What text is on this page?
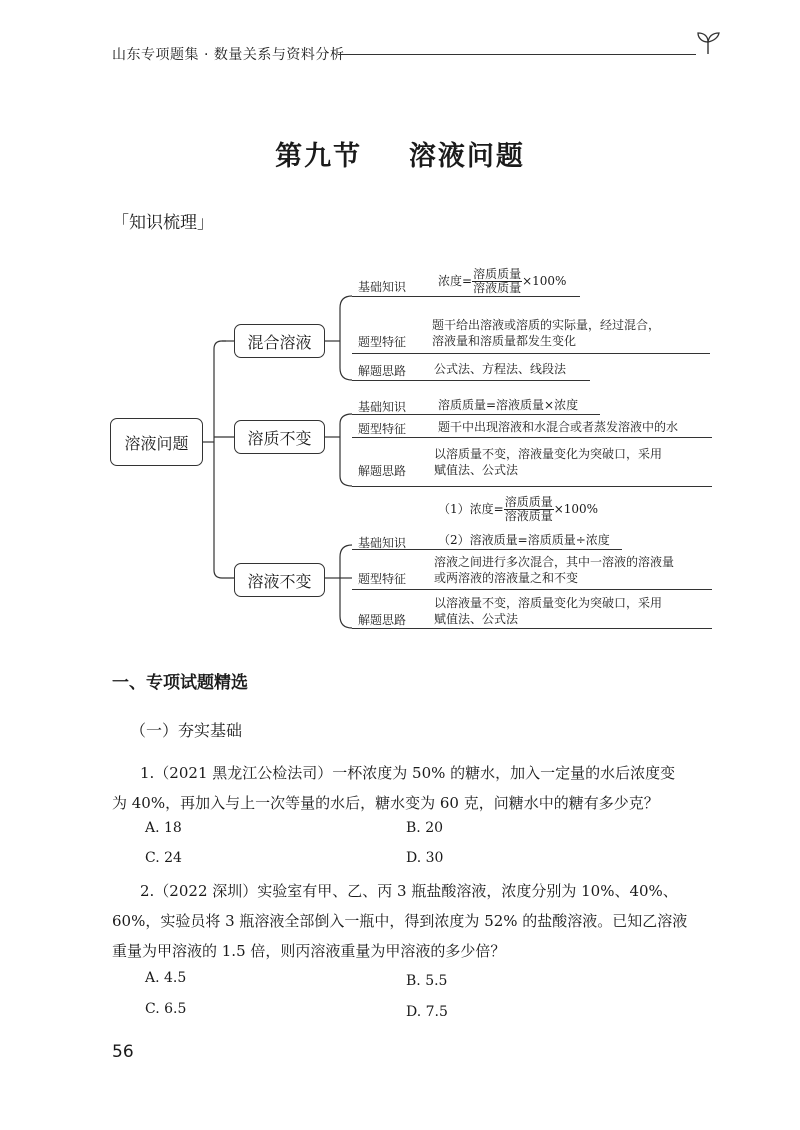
山东专项题集 · 数量关系与资料分析
第九节 溶液问题
「知识梳理」
溶液问题
混合溶液
基础知识	浓度= $\frac{\text{溶质质量}}{\text{溶液质量}} \times 100\%$
题型特征
题干给出溶液或溶质的实际量，经过混合，
溶液量和溶质量都发生变化
解题思路 公式法、方程法、线段法
溶质不变
基础知识	溶质质量=溶液质量×浓度
题型特征	题干中出现溶液和水混合或者蒸发溶液中的水
解题思路
以溶质量不变，溶液量变化为突破口，采用
赋值法、公式法
溶液不变
（1）浓度= $\frac{\text{溶质质量}}{\text{溶液质量}} \times 100\%$
基础知识	（2）溶液质量=溶质质量÷浓度
题型特征
溶液之间进行多次混合，其中一溶液的溶液量
或两溶液的溶液量之和不变
解题思路
以溶液量不变，溶质量变化为突破口，采用
赋值法、公式法
一、专项试题精选
（一）夯实基础
1.（2021 黑龙江公检法司）一杯浓度为 50% 的糖水，加入一定量的水后浓度变
为 40%，再加入与上一次等量的水后，糖水变为 60 克，问糖水中的糖有多少克？
A. 18	B. 20
C. 24	D. 30
2.（2022 深圳）实验室有甲、乙、丙 3 瓶盐酸溶液，浓度分别为 10%、40%、
60%，实验员将 3 瓶溶液全部倒入一瓶中，得到浓度为 52% 的盐酸溶液。已知乙溶液
重量为甲溶液的 1.5 倍，则丙溶液重量为甲溶液的多少倍？
A. 4.5	B. 5.5
C. 6.5	D. 7.5
56
